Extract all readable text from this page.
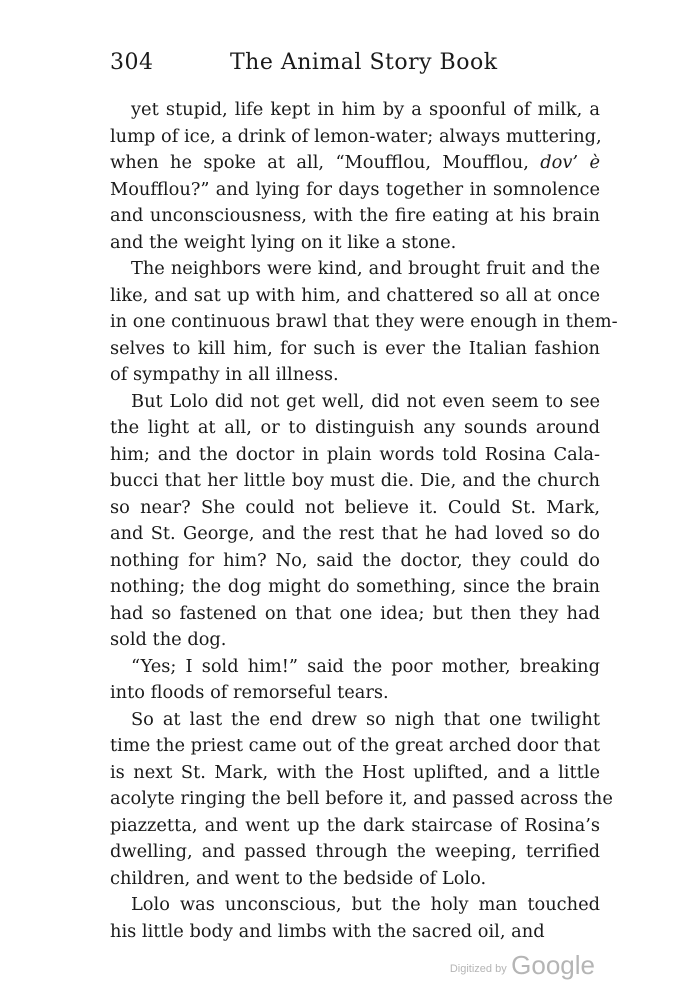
304	The Animal Story Book

yet stupid, life kept in him by a spoonful of milk, a
lump of ice, a drink of lemon-water; always muttering,
when he spoke at all, “Moufflou, Moufflou, dov’ è
Moufflou?” and lying for days together in somnolence
and unconsciousness, with the fire eating at his brain
and the weight lying on it like a stone.

The neighbors were kind, and brought fruit and the
like, and sat up with him, and chattered so all at once
in one continuous brawl that they were enough in them-
selves to kill him, for such is ever the Italian fashion
of sympathy in all illness.

But Lolo did not get well, did not even seem to see
the light at all, or to distinguish any sounds around
him; and the doctor in plain words told Rosina Cala-
bucci that her little boy must die. Die, and the church
so near? She could not believe it. Could St. Mark,
and St. George, and the rest that he had loved so do
nothing for him? No, said the doctor, they could do
nothing; the dog might do something, since the brain
had so fastened on that one idea; but then they had
sold the dog.

“Yes; I sold him!” said the poor mother, breaking
into floods of remorseful tears.

So at last the end drew so nigh that one twilight
time the priest came out of the great arched door that
is next St. Mark, with the Host uplifted, and a little
acolyte ringing the bell before it, and passed across the
piazzetta, and went up the dark staircase of Rosina’s
dwelling, and passed through the weeping, terrified
children, and went to the bedside of Lolo.

Lolo was unconscious, but the holy man touched
his little body and limbs with the sacred oil, and

Digitized by Google
